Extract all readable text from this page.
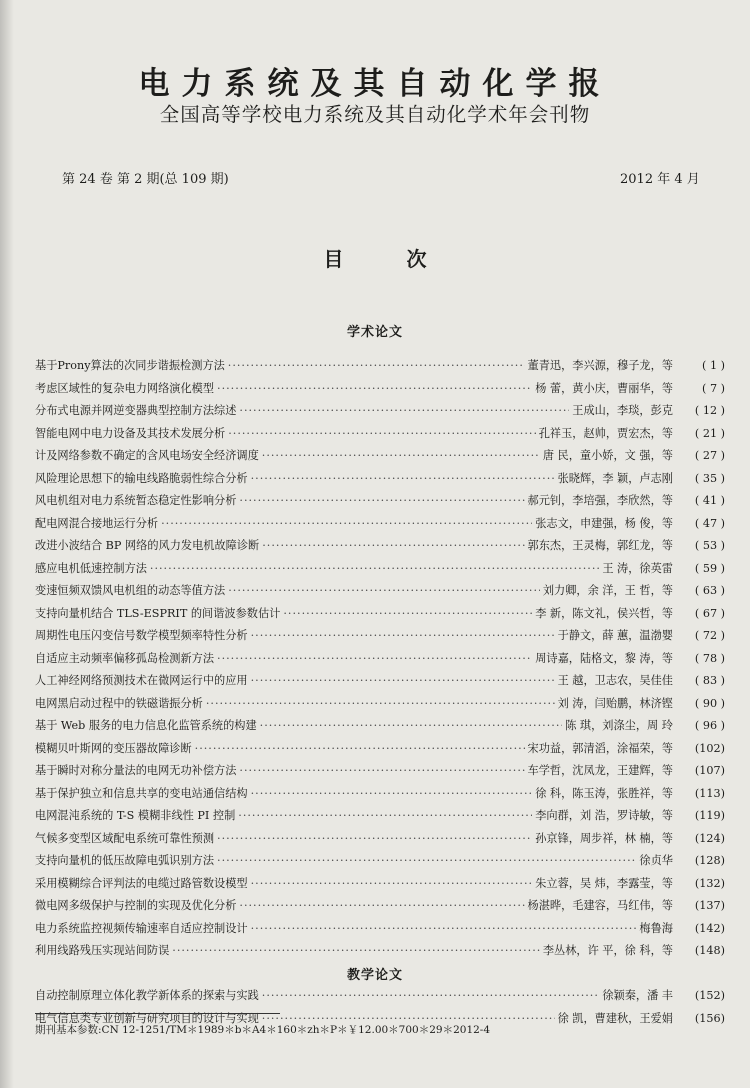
电力系统及其自动化学报
全国高等学校电力系统及其自动化学术年会刊物
第 24 卷 第 2 期(总 109 期)	2012 年 4 月
目 次
学术论文
基于Prony算法的次同步谐振检测方法 ·····	董青迅，李兴源，穆子龙，等	( 1 )
考虑区域性的复杂电力网络演化模型 ·····	杨 蕾，黄小庆，曹丽华，等	( 7 )
分布式电源并网逆变器典型控制方法综述 ·····	王成山，李琰，彭克	( 12 )
智能电网中电力设备及其技术发展分析 ·····	孔祥玉，赵帅，贾宏杰，等	( 21 )
计及网络参数不确定的含风电场安全经济调度 ·····	唐 民，童小娇，文 强，等	( 27 )
风险理论思想下的输电线路脆弱性综合分析 ·····	张晓辉，李 颖，卢志刚	( 35 )
风电机组对电力系统暂态稳定性影响分析 ·····	郝元钊，李培强，李欣然，等	( 41 )
配电网混合接地运行分析 ·····	张志文，申建强，杨 俊，等	( 47 )
改进小波结合 BP 网络的风力发电机故障诊断 ·····	郭东杰，王灵梅，郭红龙，等	( 53 )
感应电机低速控制方法 ·····	王 涛，徐英雷	( 59 )
变速恒频双馈风电机组的动态等值方法 ·····	刘力卿，余 洋，王 哲，等	( 63 )
支持向量机结合 TLS-ESPRIT 的间谐波参数估计 ·····	李 新，陈文礼，侯兴哲，等	( 67 )
周期性电压闪变信号数学模型频率特性分析 ·····	于静文，薛 蕙，温渤婴	( 72 )
自适应主动频率偏移孤岛检测新方法 ·····	周诗嘉，陆格文，黎 涛，等	( 78 )
人工神经网络预测技术在微网运行中的应用 ·····	王 越，卫志农，吴佳佳	( 83 )
电网黑启动过程中的铁磁谐振分析 ·····	刘 涛，闫贻鹏，林济铿	( 90 )
基于 Web 服务的电力信息化监管系统的构建 ·····	陈 琪，刘涤尘，周 玲	( 96 )
模糊贝叶斯网的变压器故障诊断 ·····	宋功益，郭清滔，涂福荣，等	(102)
基于瞬时对称分量法的电网无功补偿方法 ·····	车学哲，沈凤龙，王建辉，等	(107)
基于保护独立和信息共享的变电站通信结构 ·····	徐 科，陈玉涛，张胜祥，等	(113)
电网混沌系统的 T-S 模糊非线性 PI 控制 ·····	李向群，刘 浩，罗诗敏，等	(119)
气候多变型区域配电系统可靠性预测 ·····	孙京锋，周步祥，林 楠，等	(124)
支持向量机的低压故障电弧识别方法 ·····	徐贞华	(128)
采用模糊综合评判法的电缆过路管数设模型 ·····	朱立蓉，吴 炜，李露莹，等	(132)
微电网多级保护与控制的实现及优化分析 ·····	杨湛晔，毛建容，马红伟，等	(137)
电力系统监控视频传输速率自适应控制设计 ·····	梅鲁海	(142)
利用线路残压实现站间防误 ·····	李丛林，许 平，徐 科，等	(148)
教学论文
自动控制原理立体化教学新体系的探索与实践 ·····	徐颖秦，潘 丰	(152)
电气信息类专业创新与研究项目的设计与实现 ·····	徐 凯，曹建秋，王爱娟	(156)
期刊基本参数:CN 12-1251/TM＊1989＊b＊A4＊160＊zh＊P＊￥12.00＊700＊29＊2012-4
